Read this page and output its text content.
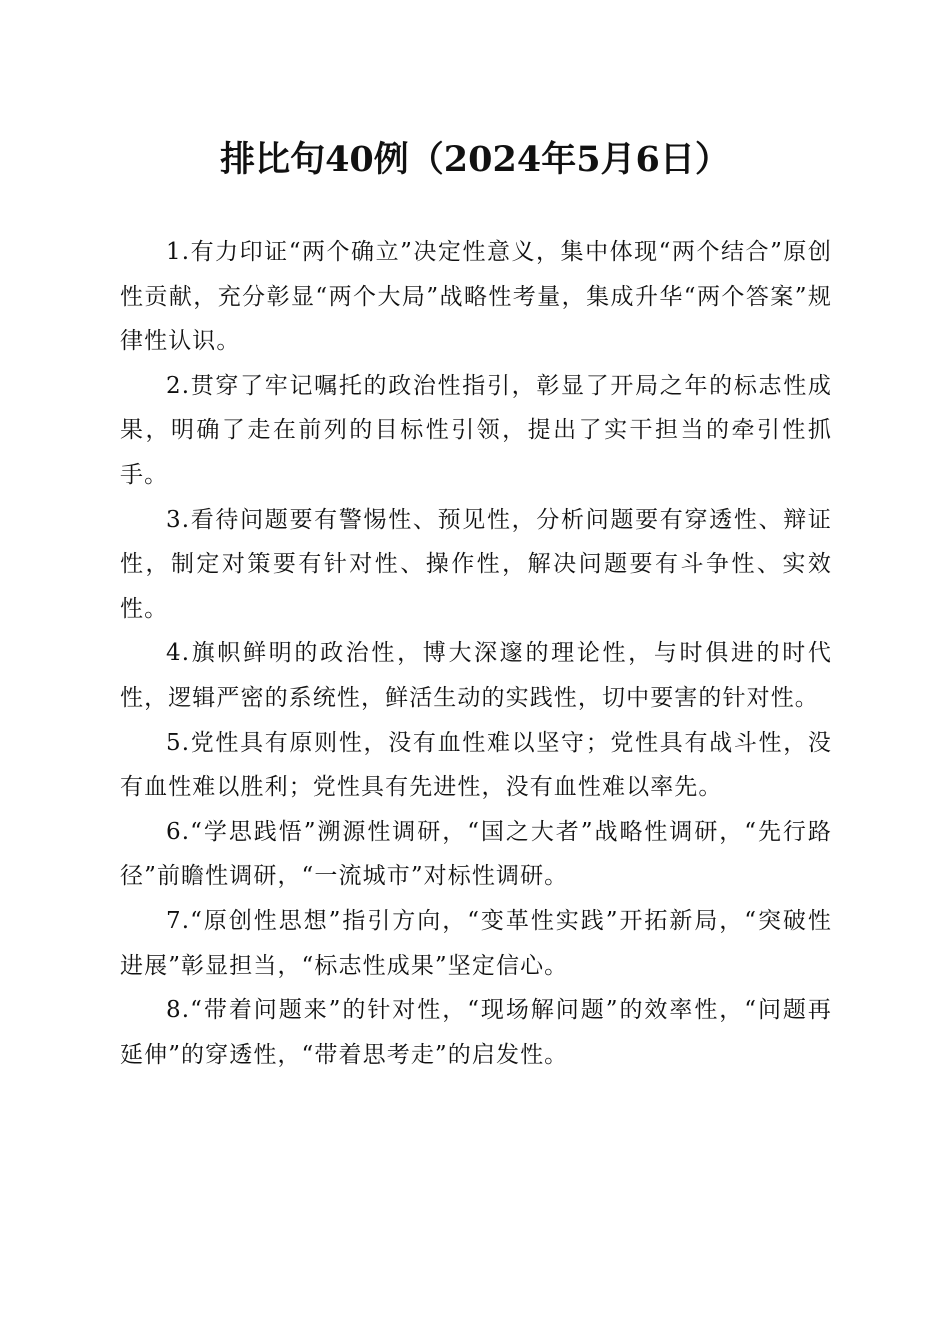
排比句40例（2024年5月6日）

1.有力印证“两个确立”决定性意义，集中体现“两个结合”原创性贡献，充分彰显“两个大局”战略性考量，集成升华“两个答案”规律性认识。

2.贯穿了牢记嘱托的政治性指引，彰显了开局之年的标志性成果，明确了走在前列的目标性引领，提出了实干担当的牵引性抓手。

3.看待问题要有警惕性、预见性，分析问题要有穿透性、辩证性，制定对策要有针对性、操作性，解决问题要有斗争性、实效性。

4.旗帜鲜明的政治性，博大深邃的理论性，与时俱进的时代性，逻辑严密的系统性，鲜活生动的实践性，切中要害的针对性。

5.党性具有原则性，没有血性难以坚守；党性具有战斗性，没有血性难以胜利；党性具有先进性，没有血性难以率先。

6.“学思践悟”溯源性调研，“国之大者”战略性调研，“先行路径”前瞻性调研，“一流城市”对标性调研。

7.“原创性思想”指引方向，“变革性实践”开拓新局，“突破性进展”彰显担当，“标志性成果”坚定信心。

8.“带着问题来”的针对性，“现场解问题”的效率性，“问题再延伸”的穿透性，“带着思考走”的启发性。
